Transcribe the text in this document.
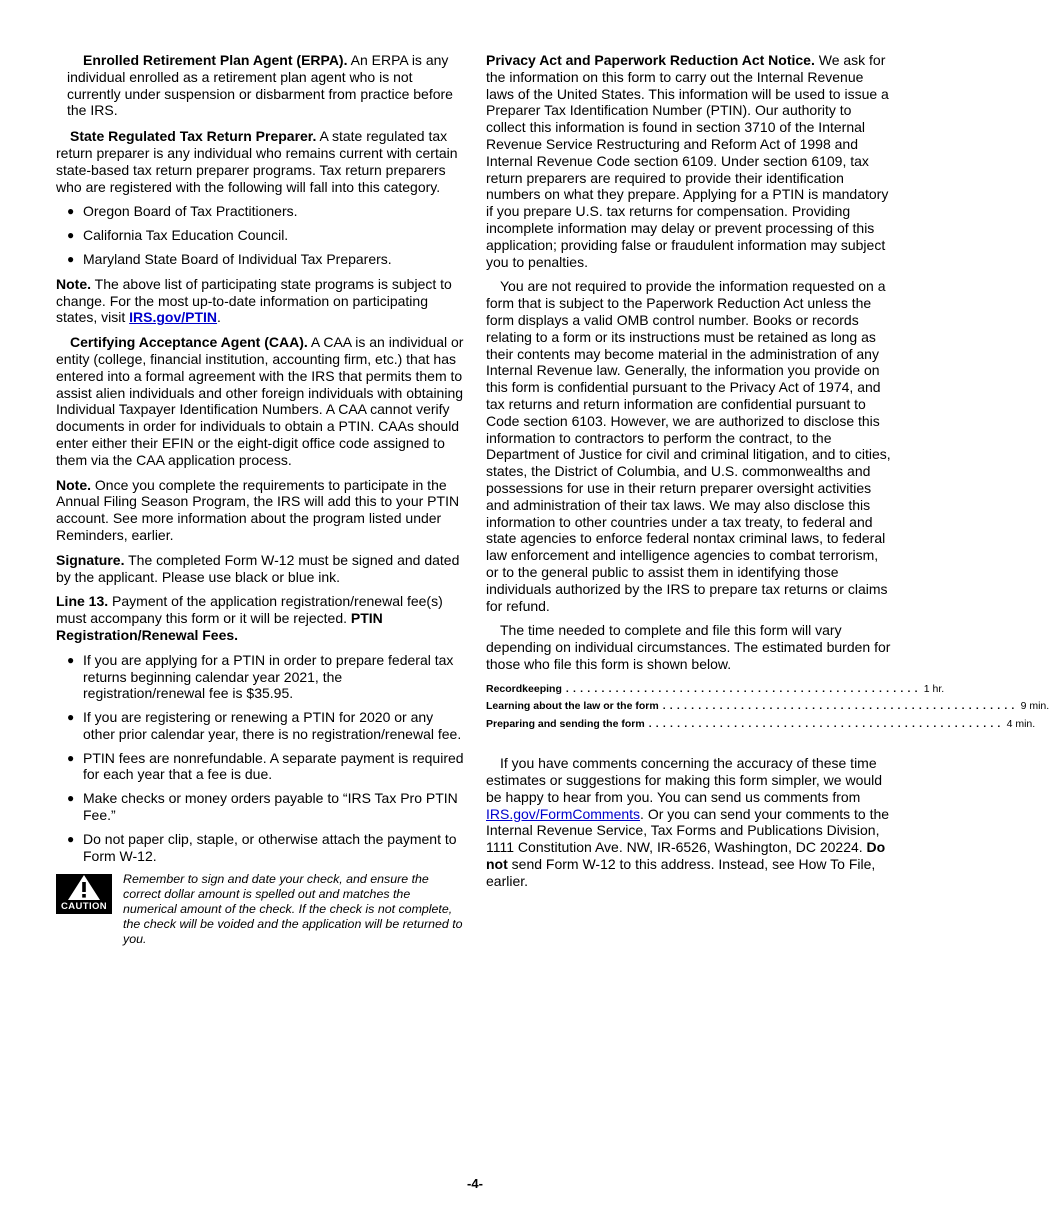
Enrolled Retirement Plan Agent (ERPA). An ERPA is any individual enrolled as a retirement plan agent who is not currently under suspension or disbarment from practice before the IRS.

State Regulated Tax Return Preparer. A state regulated tax return preparer is any individual who remains current with certain state-based tax return preparer programs. Tax return preparers who are registered with the following will fall into this category.

● Oregon Board of Tax Practitioners.
● California Tax Education Council.
● Maryland State Board of Individual Tax Preparers.

Note. The above list of participating state programs is subject to change. For the most up-to-date information on participating states, visit IRS.gov/PTIN.

Certifying Acceptance Agent (CAA). A CAA is an individual or entity (college, financial institution, accounting firm, etc.) that has entered into a formal agreement with the IRS that permits them to assist alien individuals and other foreign individuals with obtaining Individual Taxpayer Identification Numbers. A CAA cannot verify documents in order for individuals to obtain a PTIN. CAAs should enter either their EFIN or the eight-digit office code assigned to them via the CAA application process.

Note. Once you complete the requirements to participate in the Annual Filing Season Program, the IRS will add this to your PTIN account. See more information about the program listed under Reminders, earlier.

Signature. The completed Form W-12 must be signed and dated by the applicant. Please use black or blue ink.

Line 13. Payment of the application registration/renewal fee(s) must accompany this form or it will be rejected. PTIN Registration/Renewal Fees.

● If you are applying for a PTIN in order to prepare federal tax returns beginning calendar year 2021, the registration/renewal fee is $35.95.
● If you are registering or renewing a PTIN for 2020 or any other prior calendar year, there is no registration/renewal fee.
● PTIN fees are nonrefundable. A separate payment is required for each year that a fee is due.
● Make checks or money orders payable to “IRS Tax Pro PTIN Fee.”
● Do not paper clip, staple, or otherwise attach the payment to Form W-12.
CAUTION
Remember to sign and date your check, and ensure the correct dollar amount is spelled out and matches the numerical amount of the check. If the check is not complete, the check will be voided and the application will be returned to you.

Privacy Act and Paperwork Reduction Act Notice. We ask for the information on this form to carry out the Internal Revenue laws of the United States. This information will be used to issue a Preparer Tax Identification Number (PTIN). Our authority to collect this information is found in section 3710 of the Internal Revenue Service Restructuring and Reform Act of 1998 and Internal Revenue Code section 6109. Under section 6109, tax return preparers are required to provide their identification numbers on what they prepare. Applying for a PTIN is mandatory if you prepare U.S. tax returns for compensation. Providing incomplete information may delay or prevent processing of this application; providing false or fraudulent information may subject you to penalties.

You are not required to provide the information requested on a form that is subject to the Paperwork Reduction Act unless the form displays a valid OMB control number. Books or records relating to a form or its instructions must be retained as long as their contents may become material in the administration of any Internal Revenue law. Generally, the information you provide on this form is confidential pursuant to the Privacy Act of 1974, and tax returns and return information are confidential pursuant to Code section 6103. However, we are authorized to disclose this information to contractors to perform the contract, to the Department of Justice for civil and criminal litigation, and to cities, states, the District of Columbia, and U.S. commonwealths and possessions for use in their return preparer oversight activities and administration of their tax laws. We may also disclose this information to other countries under a tax treaty, to federal and state agencies to enforce federal nontax criminal laws, to federal law enforcement and intelligence agencies to combat terrorism, or to the general public to assist them in identifying those individuals authorized by the IRS to prepare tax returns or claims for refund.

The time needed to complete and file this form will vary depending on individual circumstances. The estimated burden for those who file this form is shown below.

Recordkeeping .................................................. 1 hr.
Learning about the law or the form .................................................. 9 min.
Preparing and sending the form .................................................. 4 min.

If you have comments concerning the accuracy of these time estimates or suggestions for making this form simpler, we would be happy to hear from you. You can send us comments from IRS.gov/FormComments. Or you can send your comments to the Internal Revenue Service, Tax Forms and Publications Division, 1111 Constitution Ave. NW, IR-6526, Washington, DC 20224. Do not send Form W-12 to this address. Instead, see How To File, earlier.

-4-
